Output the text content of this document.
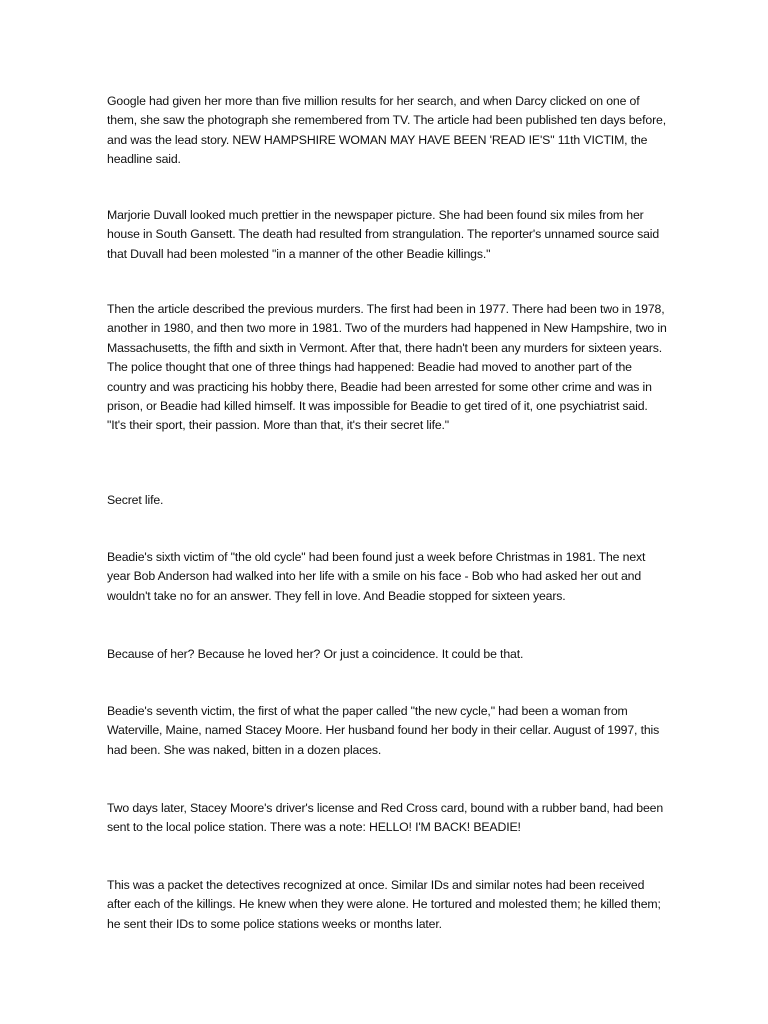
Google had given her more than five million results for her search, and when Darcy clicked on one of them, she saw the photograph she remembered from TV. The article had been published ten days before, and was the lead story. NEW HAMPSHIRE WOMAN MAY HAVE BEEN 'READ IE'S" 11th VICTIM, the headline said.

Marjorie Duvall looked much prettier in the newspaper picture. She had been found six miles from her house in South Gansett. The death had resulted from strangulation. The reporter's unnamed source said that Duvall had been molested "in a manner of the other Beadie killings."

Then the article described the previous murders. The first had been in 1977. There had been two in 1978, another in 1980, and then two more in 1981. Two of the murders had happened in New Hampshire, two in Massachusetts, the fifth and sixth in Vermont. After that, there hadn't been any murders for sixteen years. The police thought that one of three things had happened: Beadie had moved to another part of the country and was practicing his hobby there, Beadie had been arrested for some other crime and was in prison, or Beadie had killed himself. It was impossible for Beadie to get tired of it, one psychiatrist said. "It's their sport, their passion. More than that, it's their secret life."

Secret life.

Beadie's sixth victim of "the old cycle" had been found just a week before Christmas in 1981. The next year Bob Anderson had walked into her life with a smile on his face - Bob who had asked her out and wouldn't take no for an answer. They fell in love. And Beadie stopped for sixteen years.

Because of her? Because he loved her? Or just a coincidence. It could be that.

Beadie's seventh victim, the first of what the paper called "the new cycle," had been a woman from Waterville, Maine, named Stacey Moore. Her husband found her body in their cellar. August of 1997, this had been. She was naked, bitten in a dozen places.

Two days later, Stacey Moore's driver's license and Red Cross card, bound with a rubber band, had been sent to the local police station. There was a note: HELLO! I'M BACK! BEADIE!

This was a packet the detectives recognized at once. Similar IDs and similar notes had been received after each of the killings. He knew when they were alone. He tortured and molested them; he killed them; he sent their IDs to some police stations weeks or months later.
